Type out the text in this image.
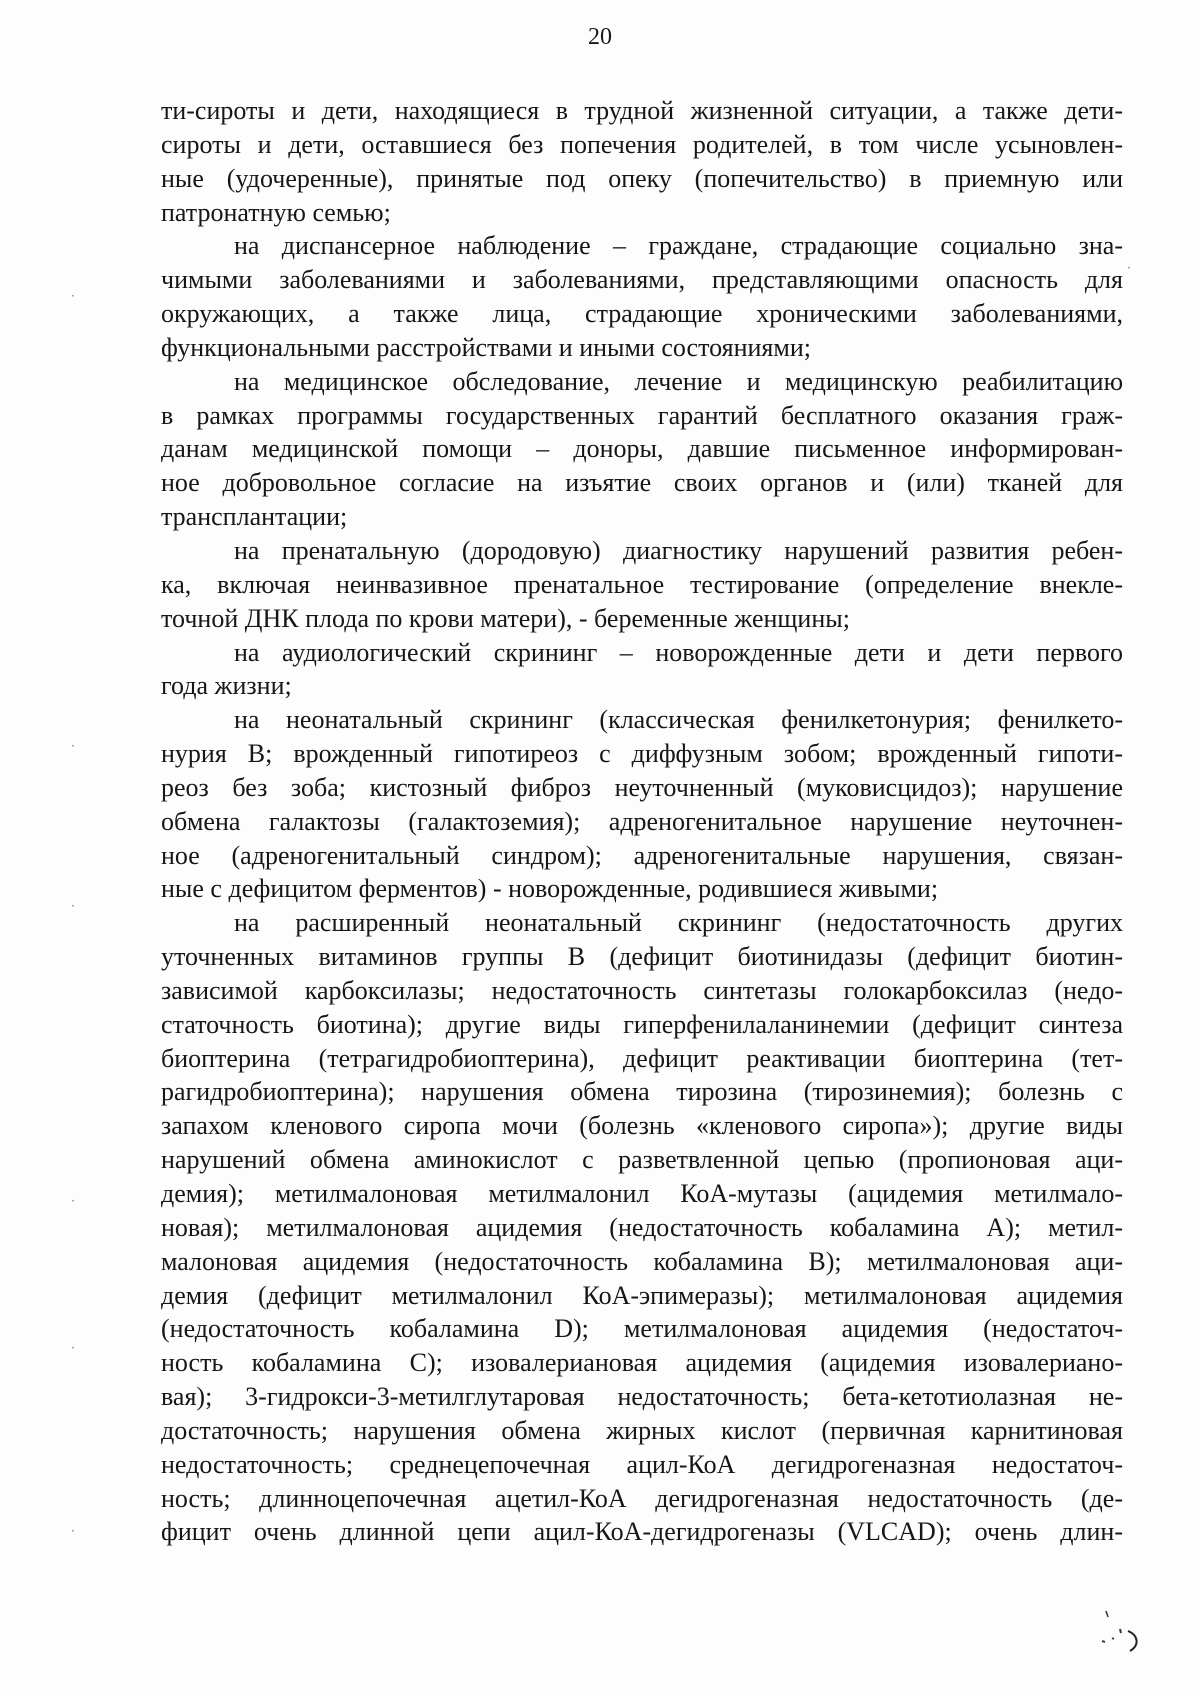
20
ти-сироты и дети, находящиеся в трудной жизненной ситуации, а также дети-
сироты и дети, оставшиеся без попечения родителей, в том числе усыновлен-
ные (удочеренные), принятые под опеку (попечительство) в приемную или
патронатную семью;
на диспансерное наблюдение – граждане, страдающие социально зна-
чимыми заболеваниями и заболеваниями, представляющими опасность для
окружающих, а также лица, страдающие хроническими заболеваниями,
функциональными расстройствами и иными состояниями;
на медицинское обследование, лечение и медицинскую реабилитацию
в рамках программы государственных гарантий бесплатного оказания граж-
данам медицинской помощи – доноры, давшие письменное информирован-
ное добровольное согласие на изъятие своих органов и (или) тканей для
трансплантации;
на пренатальную (дородовую) диагностику нарушений развития ребен-
ка, включая неинвазивное пренатальное тестирование (определение внекле-
точной ДНК плода по крови матери), - беременные женщины;
на аудиологический скрининг – новорожденные дети и дети первого
года жизни;
на неонатальный скрининг (классическая фенилкетонурия; фенилкето-
нурия В; врожденный гипотиреоз с диффузным зобом; врожденный гипоти-
реоз без зоба; кистозный фиброз неуточненный (муковисцидоз); нарушение
обмена галактозы (галактоземия); адреногенитальное нарушение неуточнен-
ное (адреногенитальный синдром); адреногенитальные нарушения, связан-
ные с дефицитом ферментов) - новорожденные, родившиеся живыми;
на расширенный неонатальный скрининг (недостаточность других
уточненных витаминов группы В (дефицит биотинидазы (дефицит биотин-
зависимой карбоксилазы; недостаточность синтетазы голокарбоксилаз (недо-
статочность биотина); другие виды гиперфенилаланинемии (дефицит синтеза
биоптерина (тетрагидробиоптерина), дефицит реактивации биоптерина (тет-
рагидробиоптерина); нарушения обмена тирозина (тирозинемия); болезнь с
запахом кленового сиропа мочи (болезнь «кленового сиропа»); другие виды
нарушений обмена аминокислот с разветвленной цепью (пропионовая аци-
демия); метилмалоновая метилмалонил КоА-мутазы (ацидемия метилмало-
новая); метилмалоновая ацидемия (недостаточность кобаламина А); метил-
малоновая ацидемия (недостаточность кобаламина В); метилмалоновая аци-
демия (дефицит метилмалонил КоА-эпимеразы); метилмалоновая ацидемия
(недостаточность кобаламина D); метилмалоновая ацидемия (недостаточ-
ность кобаламина С); изовалериановая ацидемия (ацидемия изовалериано-
вая); 3-гидрокси-3-метилглутаровая недостаточность; бета-кетотиолазная не-
достаточность; нарушения обмена жирных кислот (первичная карнитиновая
недостаточность; среднецепочечная ацил-КоА дегидрогеназная недостаточ-
ность; длинноцепочечная ацетил-КоА дегидрогеназная недостаточность (де-
фицит очень длинной цепи ацил-КоА-дегидрогеназы (VLCAD); очень длин-
·
·
·
·
·
·
·
